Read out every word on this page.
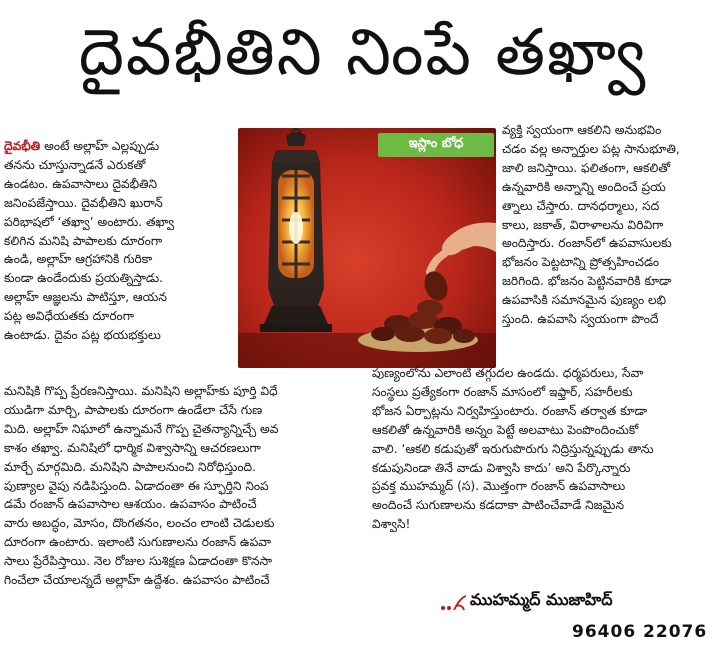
దైవభీతిని నింపే తఖ్వా
దైవభీతి అంటే అల్లాహ్ ఎల్లప్పుడు
తనను చూస్తున్నాడనే ఎరుకతో
ఉండటం. ఉపవాసాలు దైవభీతిని
జనింపజేస్తాయి. దైవభీతిని ఖురాన్
పరిభాషలో ‘తఖ్వా’ అంటారు. తఖ్వా
కలిగిన మనిషి పాపాలకు దూరంగా
ఉండి, అల్లాహ్ ఆగ్రహానికి గురికా
కుండా ఉండేందుకు ప్రయత్నిస్తాడు.
అల్లాహ్ ఆజ్ఞలను పాటిస్తూ, ఆయన
పట్ల అవిధేయతకు దూరంగా
ఉంటాడు. దైవం పట్ల భయభక్తులు
ఇస్లాం బోధ
వ్యక్తి స్వయంగా ఆకలిని అనుభవిం
చడం వల్ల అన్నార్తుల పట్ల సానుభూతి,
జాలి జనిస్తాయి. ఫలితంగా, ఆకలితో
ఉన్నవారికి అన్నాన్ని అందించే ప్రయ
త్నాలు చేస్తారు. దానధర్మాలు, సద
కాలు, జకాత్, విరాళాలను విరివిగా
అందిస్తారు. రంజాన్‌లో ఉపవాసులకు
భోజనం పెట్టటాన్ని ప్రోత్సహించడం
జరిగింది. భోజనం పెట్టినవారికి కూడా
ఉపవాసికి సమానమైన పుణ్యం లభి
స్తుంది. ఉపవాసి స్వయంగా పొందే
మనిషికి గొప్ప ప్రేరణనిస్తాయి. మనిషిని అల్లాహ్‌కు పూర్తి విధే
యుడిగా మార్చి, పాపాలకు దూరంగా ఉండేలా చేసే గుణ
మిది. అల్లాహ్ నిఘాలో ఉన్నామనే గొప్ప చైతన్యాన్నిచ్చే అవ
కాశం తఖ్వా. మనిషిలో ధార్మిక విశ్వాసాన్ని ఆచరణలుగా
మార్చే మార్గమిది. మనిషిని పాపాలనుంచి నిరోధిస్తుంది.
పుణ్యాల వైపు నడిపిస్తుంది. ఏడాదంతా ఈ స్ఫూర్తిని నింప
డమే రంజాన్ ఉపవాసాల ఆశయం. ఉపవాసం పాటించే
వారు అబద్ధం, మోసం, దొంగతనం, లంచం లాంటి చెడులకు
దూరంగా ఉంటారు. ఇలాంటి సుగుణాలను రంజాన్ ఉపవా
సాలు ప్రేరేపిస్తాయి. నెల రోజుల సుశిక్షణ ఏడాదంతా కొనసా
గించేలా చేయాలన్నదే అల్లాహ్ ఉద్దేశం. ఉపవాసం పాటించే
పుణ్యంలోను ఎలాంటి తగ్గుదల ఉండదు. ధర్మపరులు, సేవా
సంస్థలు ప్రత్యేకంగా రంజాన్ మాసంలో ఇఫ్తార్, సహరీలకు
భోజన ఏర్పాట్లను నిర్వహిస్తుంటారు. రంజాన్ తర్వాత కూడా
ఆకలితో ఉన్నవారికి అన్నం పెట్టే అలవాటు పెంపొందించుకో
వాలి. ‘ఆకలి కడుపుతో ఇరుగుపొరుగు నిద్రిస్తున్నప్పుడు తాను
కడుపునిండా తినే వాడు విశ్వాసి కాదు’ అని పేర్కొన్నారు
ప్రవక్త ముహమ్మద్ (స). మొత్తంగా రంజాన్ ఉపవాసాలు
అందించే సుగుణాలను కడదాకా పాటించేవాడే నిజమైన
విశ్వాసి!
ముహమ్మద్ ముజాహిద్
96406 22076
